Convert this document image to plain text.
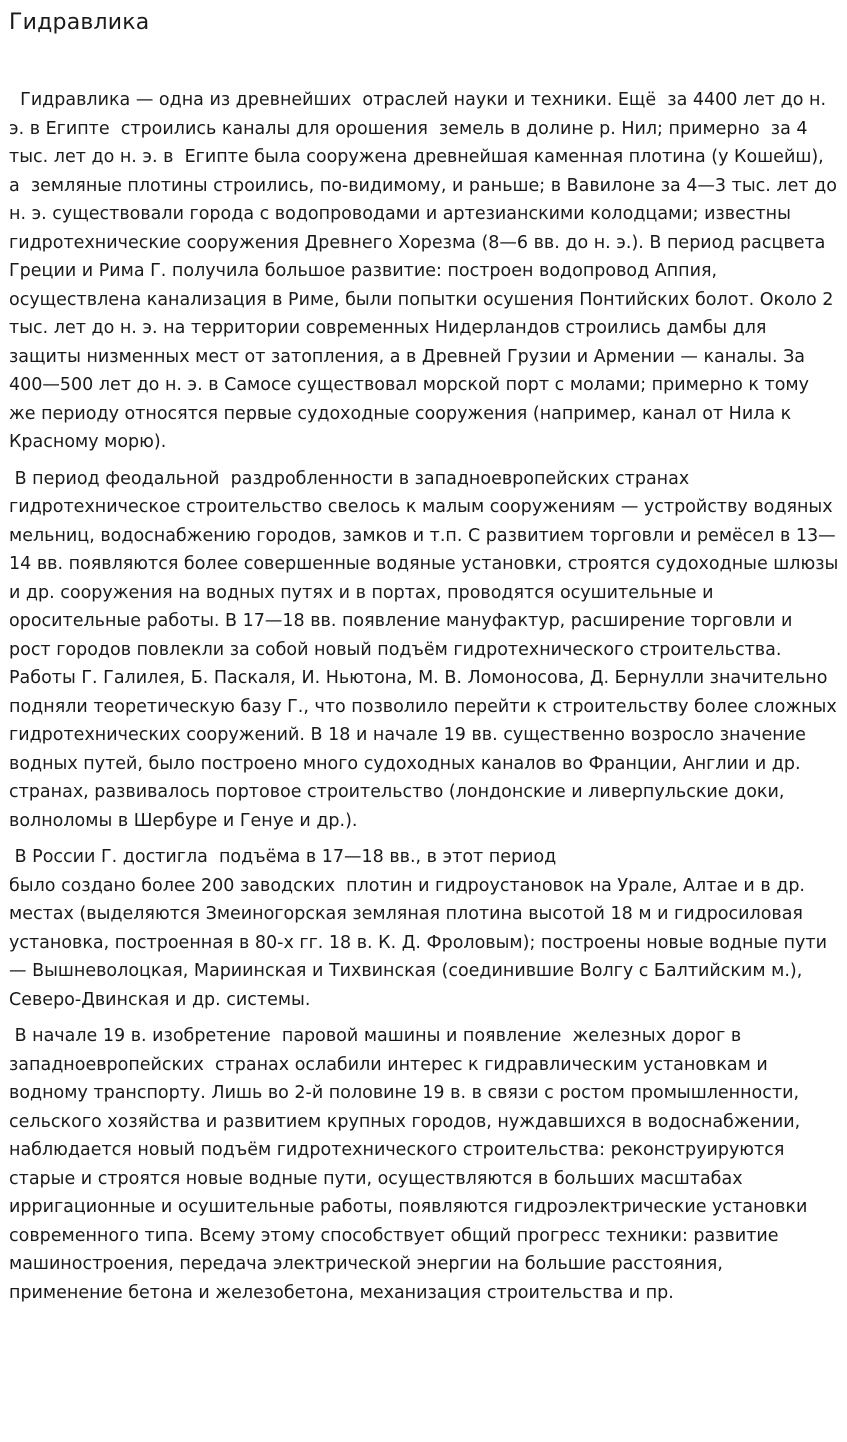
Гидравлика

Гидравлика — одна из древнейших  отраслей науки и техники. Ещё  за 4400 лет до н. э. в Египте  строились каналы для орошения  земель в долине р. Нил; примерно  за 4 тыс. лет до н. э. в  Египте была сооружена древнейшая каменная плотина (у Кошейш), а  земляные плотины строились, по-видимому, и раньше; в Вавилоне за 4—3 тыс. лет до н. э. существовали города с водопроводами и артезианскими колодцами; известны гидротехнические сооружения Древнего Хорезма (8—6 вв. до н. э.). В период расцвета Греции и Рима Г. получила большое развитие: построен водопровод Аппия, осуществлена канализация в Риме, были попытки осушения Понтийских болот. Около 2 тыс. лет до н. э. на территории современных Нидерландов строились дамбы для защиты низменных мест от затопления, а в Древней Грузии и Армении — каналы. За 400—500 лет до н. э. в Самосе существовал морской порт с молами; примерно к тому же периоду относятся первые судоходные сооружения (например, канал от Нила к Красному морю).

В период феодальной  раздробленности в западноевропейских странах гидротехническое строительство свелось к малым сооружениям — устройству водяных мельниц, водоснабжению городов, замков и т.п. С развитием торговли и ремёсел в 13—14 вв. появляются более совершенные водяные установки, строятся судоходные шлюзы и др. сооружения на водных путях и в портах, проводятся осушительные и оросительные работы. В 17—18 вв. появление мануфактур, расширение торговли и рост городов повлекли за собой новый подъём гидротехнического строительства. Работы Г. Галилея, Б. Паскаля, И. Ньютона, М. В. Ломоносова, Д. Бернулли значительно подняли теоретическую базу Г., что позволило перейти к строительству более сложных гидротехнических сооружений. В 18 и начале 19 вв. существенно возросло значение водных путей, было построено много судоходных каналов во Франции, Англии и др. странах, развивалось портовое строительство (лондонские и ливерпульские доки, волноломы в Шербуре и Генуе и др.).

В России Г. достигла  подъёма в 17—18 вв., в этот период
было создано более 200 заводских  плотин и гидроустановок на Урале, Алтае и в др. местах (выделяются Змеиногорская земляная плотина высотой 18 м и гидросиловая установка, построенная в 80-х гг. 18 в. К. Д. Фроловым); построены новые водные пути — Вышневолоцкая, Мариинская и Тихвинская (соединившие Волгу с Балтийским м.), Северо-Двинская и др. системы.

В начале 19 в. изобретение  паровой машины и появление  железных дорог в западноевропейских  странах ослабили интерес к гидравлическим установкам и водному транспорту. Лишь во 2-й половине 19 в. в связи с ростом промышленности, сельского хозяйства и развитием крупных городов, нуждавшихся в водоснабжении, наблюдается новый подъём гидротехнического строительства: реконструируются старые и строятся новые водные пути, осуществляются в больших масштабах ирригационные и осушительные работы, появляются гидроэлектрические установки современного типа. Всему этому способствует общий прогресс техники: развитие машиностроения, передача электрической энергии на большие расстояния, применение бетона и железобетона, механизация строительства и пр.
